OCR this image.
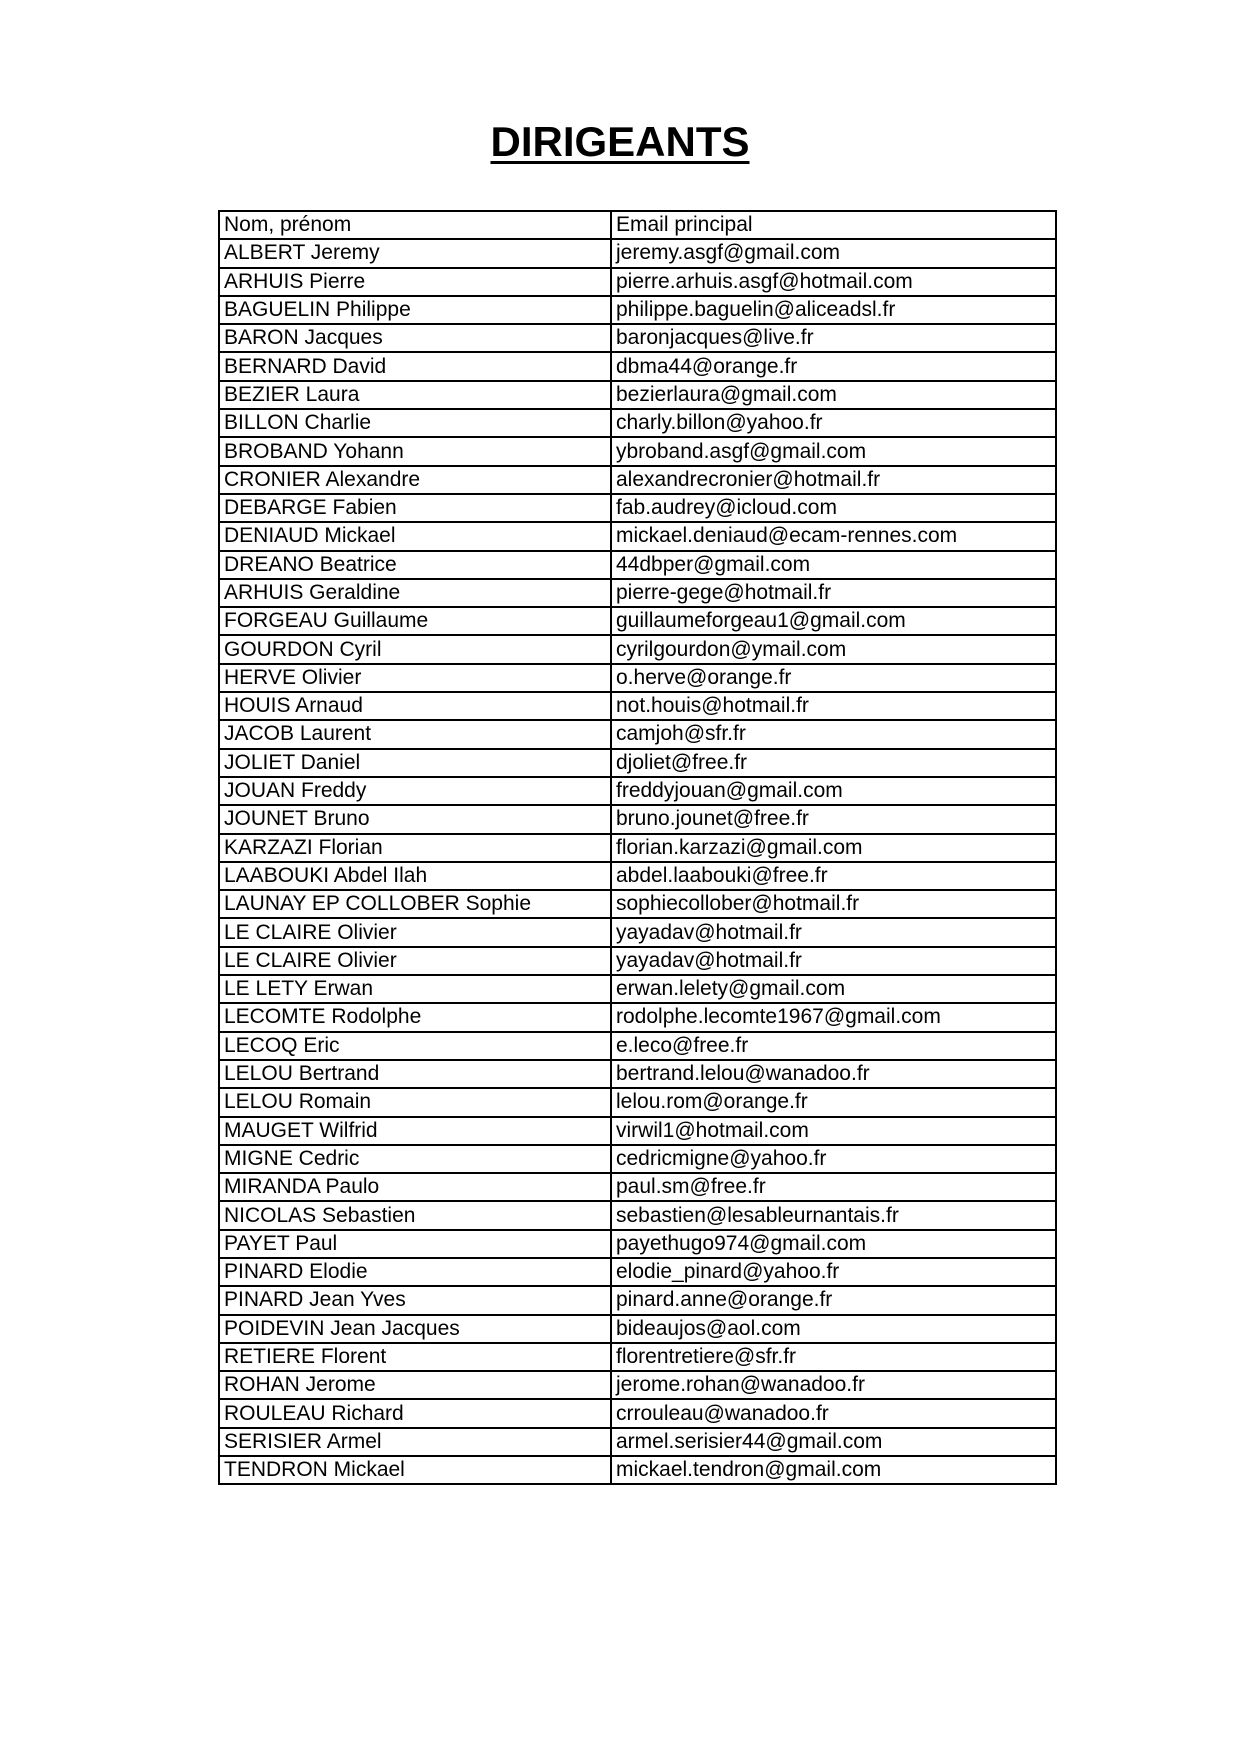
DIRIGEANTS
Nom, prénom	Email principal
ALBERT Jeremy	jeremy.asgf@gmail.com
ARHUIS Pierre	pierre.arhuis.asgf@hotmail.com
BAGUELIN Philippe	philippe.baguelin@aliceadsl.fr
BARON Jacques	baronjacques@live.fr
BERNARD David	dbma44@orange.fr
BEZIER Laura	bezierlaura@gmail.com
BILLON Charlie	charly.billon@yahoo.fr
BROBAND Yohann	ybroband.asgf@gmail.com
CRONIER Alexandre	alexandrecronier@hotmail.fr
DEBARGE Fabien	fab.audrey@icloud.com
DENIAUD Mickael	mickael.deniaud@ecam-rennes.com
DREANO Beatrice	44dbper@gmail.com
ARHUIS Geraldine	pierre-gege@hotmail.fr
FORGEAU Guillaume	guillaumeforgeau1@gmail.com
GOURDON Cyril	cyrilgourdon@ymail.com
HERVE Olivier	o.herve@orange.fr
HOUIS Arnaud	not.houis@hotmail.fr
JACOB Laurent	camjoh@sfr.fr
JOLIET Daniel	djoliet@free.fr
JOUAN Freddy	freddyjouan@gmail.com
JOUNET Bruno	bruno.jounet@free.fr
KARZAZI Florian	florian.karzazi@gmail.com
LAABOUKI Abdel Ilah	abdel.laabouki@free.fr
LAUNAY EP COLLOBER Sophie	sophiecollober@hotmail.fr
LE CLAIRE Olivier	yayadav@hotmail.fr
LE CLAIRE Olivier	yayadav@hotmail.fr
LE LETY Erwan	erwan.lelety@gmail.com
LECOMTE Rodolphe	rodolphe.lecomte1967@gmail.com
LECOQ Eric	e.leco@free.fr
LELOU Bertrand	bertrand.lelou@wanadoo.fr
LELOU Romain	lelou.rom@orange.fr
MAUGET Wilfrid	virwil1@hotmail.com
MIGNE Cedric	cedricmigne@yahoo.fr
MIRANDA Paulo	paul.sm@free.fr
NICOLAS Sebastien	sebastien@lesableurnantais.fr
PAYET Paul	payethugo974@gmail.com
PINARD Elodie	elodie_pinard@yahoo.fr
PINARD Jean Yves	pinard.anne@orange.fr
POIDEVIN Jean Jacques	bideaujos@aol.com
RETIERE Florent	florentretiere@sfr.fr
ROHAN Jerome	jerome.rohan@wanadoo.fr
ROULEAU Richard	crrouleau@wanadoo.fr
SERISIER Armel	armel.serisier44@gmail.com
TENDRON Mickael	mickael.tendron@gmail.com
